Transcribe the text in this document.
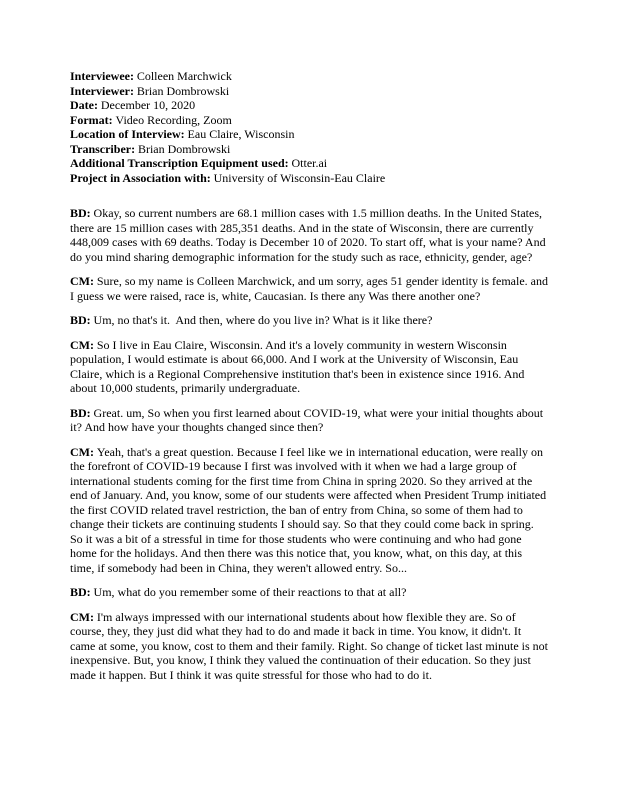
Interviewee: Colleen Marchwick
Interviewer: Brian Dombrowski
Date: December 10, 2020
Format: Video Recording, Zoom
Location of Interview: Eau Claire, Wisconsin
Transcriber: Brian Dombrowski
Additional Transcription Equipment used: Otter.ai
Project in Association with: University of Wisconsin-Eau Claire

BD: Okay, so current numbers are 68.1 million cases with 1.5 million deaths. In the United States, there are 15 million cases with 285,351 deaths. And in the state of Wisconsin, there are currently 448,009 cases with 69 deaths. Today is December 10 of 2020. To start off, what is your name? And do you mind sharing demographic information for the study such as race, ethnicity, gender, age?

CM: Sure, so my name is Colleen Marchwick, and um sorry, ages 51 gender identity is female. and I guess we were raised, race is, white, Caucasian. Is there any Was there another one?

BD: Um, no that's it.  And then, where do you live in? What is it like there?

CM: So I live in Eau Claire, Wisconsin. And it's a lovely community in western Wisconsin population, I would estimate is about 66,000. And I work at the University of Wisconsin, Eau Claire, which is a Regional Comprehensive institution that's been in existence since 1916. And about 10,000 students, primarily undergraduate.

BD: Great. um, So when you first learned about COVID-19, what were your initial thoughts about it? And how have your thoughts changed since then?

CM: Yeah, that's a great question. Because I feel like we in international education, were really on the forefront of COVID-19 because I first was involved with it when we had a large group of international students coming for the first time from China in spring 2020. So they arrived at the end of January. And, you know, some of our students were affected when President Trump initiated the first COVID related travel restriction, the ban of entry from China, so some of them had to change their tickets are continuing students I should say. So that they could come back in spring. So it was a bit of a stressful in time for those students who were continuing and who had gone home for the holidays. And then there was this notice that, you know, what, on this day, at this time, if somebody had been in China, they weren't allowed entry. So...

BD: Um, what do you remember some of their reactions to that at all?

CM: I'm always impressed with our international students about how flexible they are. So of course, they, they just did what they had to do and made it back in time. You know, it didn't. It came at some, you know, cost to them and their family. Right. So change of ticket last minute is not inexpensive. But, you know, I think they valued the continuation of their education. So they just made it happen. But I think it was quite stressful for those who had to do it.
